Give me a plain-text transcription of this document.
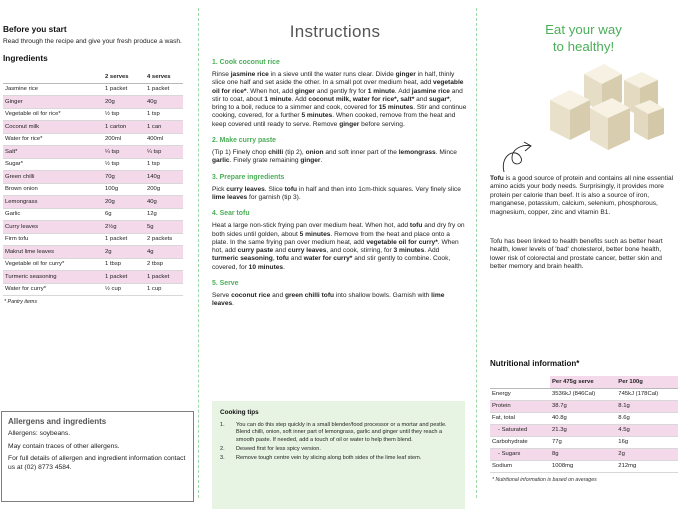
Before you start
Read through the recipe and give your fresh produce a wash.
Ingredients
	2 serves	4 serves
Jasmine rice	1 packet	1 packet
Ginger	20g	40g
Vegetable oil for rice*	½ tsp	1 tsp
Coconut milk	1 carton	1 can
Water for rice*	200ml	400ml
Salt*	¼ tsp	¼ tsp
Sugar*	½ tsp	1 tsp
Green chilli	70g	140g
Brown onion	100g	200g
Lemongrass	20g	40g
Garlic	6g	12g
Curry leaves	2½g	5g
Firm tofu	1 packet	2 packets
Makrut lime leaves	2g	4g
Vegetable oil for curry*	1 tbsp	2 tbsp
Turmeric seasoning	1 packet	1 packet
Water for curry*	½ cup	1 cup
* Pantry items
Allergens and ingredients

Allergens: soybeans.

May contain traces of other allergens.

For full details of allergen and ingredient information contact us at (02) 8773 4584.

Instructions
1. Cook coconut rice
Rinse jasmine rice in a sieve until the water runs clear. Divide ginger in half, thinly slice one half and set aside the other. In a small pot over medium heat, add vegetable oil for rice*. When hot, add ginger and gently fry for 1 minute. Add jasmine rice and stir to coat, about 1 minute. Add coconut milk, water for rice*, salt* and sugar*, bring to a boil, reduce to a simmer and cook, covered for 15 minutes. Stir and continue cooking, covered, for a further 5 minutes. When cooked, remove from the heat and keep covered until ready to serve. Remove ginger before serving.
2. Make curry paste
(Tip 1) Finely chop chilli (tip 2), onion and soft inner part of the lemongrass. Mince garlic. Finely grate remaining ginger.
3. Prepare ingredients
Pick curry leaves. Slice tofu in half and then into 1cm-thick squares. Very finely slice lime leaves for garnish (tip 3).
4. Sear tofu
Heat a large non-stick frying pan over medium heat. When hot, add tofu and dry fry on both sides until golden, about 5 minutes. Remove from the heat and place onto a plate. In the same frying pan over medium heat, add vegetable oil for curry*. When hot, add curry paste and curry leaves, and cook, stirring, for 3 minutes. Add turmeric seasoning, tofu and water for curry* and stir gently to combine. Cook, covered, for 10 minutes.
5. Serve
Serve coconut rice and green chilli tofu into shallow bowls. Garnish with lime leaves.
Cooking tips
1.	You can do this step quickly in a small blender/food processor or a mortar and pestle. Blend chilli, onion, soft inner part of lemongrass, garlic and ginger until they reach a smooth paste. If needed, add a touch of oil or water to help them blend.
2.	Deseed first for less spicy version.
3.	Remove tough centre vein by slicing along both sides of the lime leaf stem.
Eat your way
to healthy!
Tofu is a good source of protein and contains all nine essential amino acids your body needs. Surprisingly, it provides more protein per calorie than beef. It is also a source of iron, manganese, potassium, calcium, selenium, phosphorous, magnesium, copper, zinc and vitamin B1.
Tofu has been linked to health benefits such as better heart health, lower levels of 'bad' cholesterol, better bone health, lower risk of colorectal and prostate cancer, better skin and better memory and brain health.
Nutritional information*
	Per 475g serve	Per 100g
Energy	3536kJ (846Cal)	745kJ (178Cal)
Protein	38.7g	8.1g
Fat, total	40.8g	8.6g
- Saturated	21.3g	4.5g
Carbohydrate	77g	16g
- Sugars	8g	2g
Sodium	1008mg	212mg
* Nutritional information is based on averages
